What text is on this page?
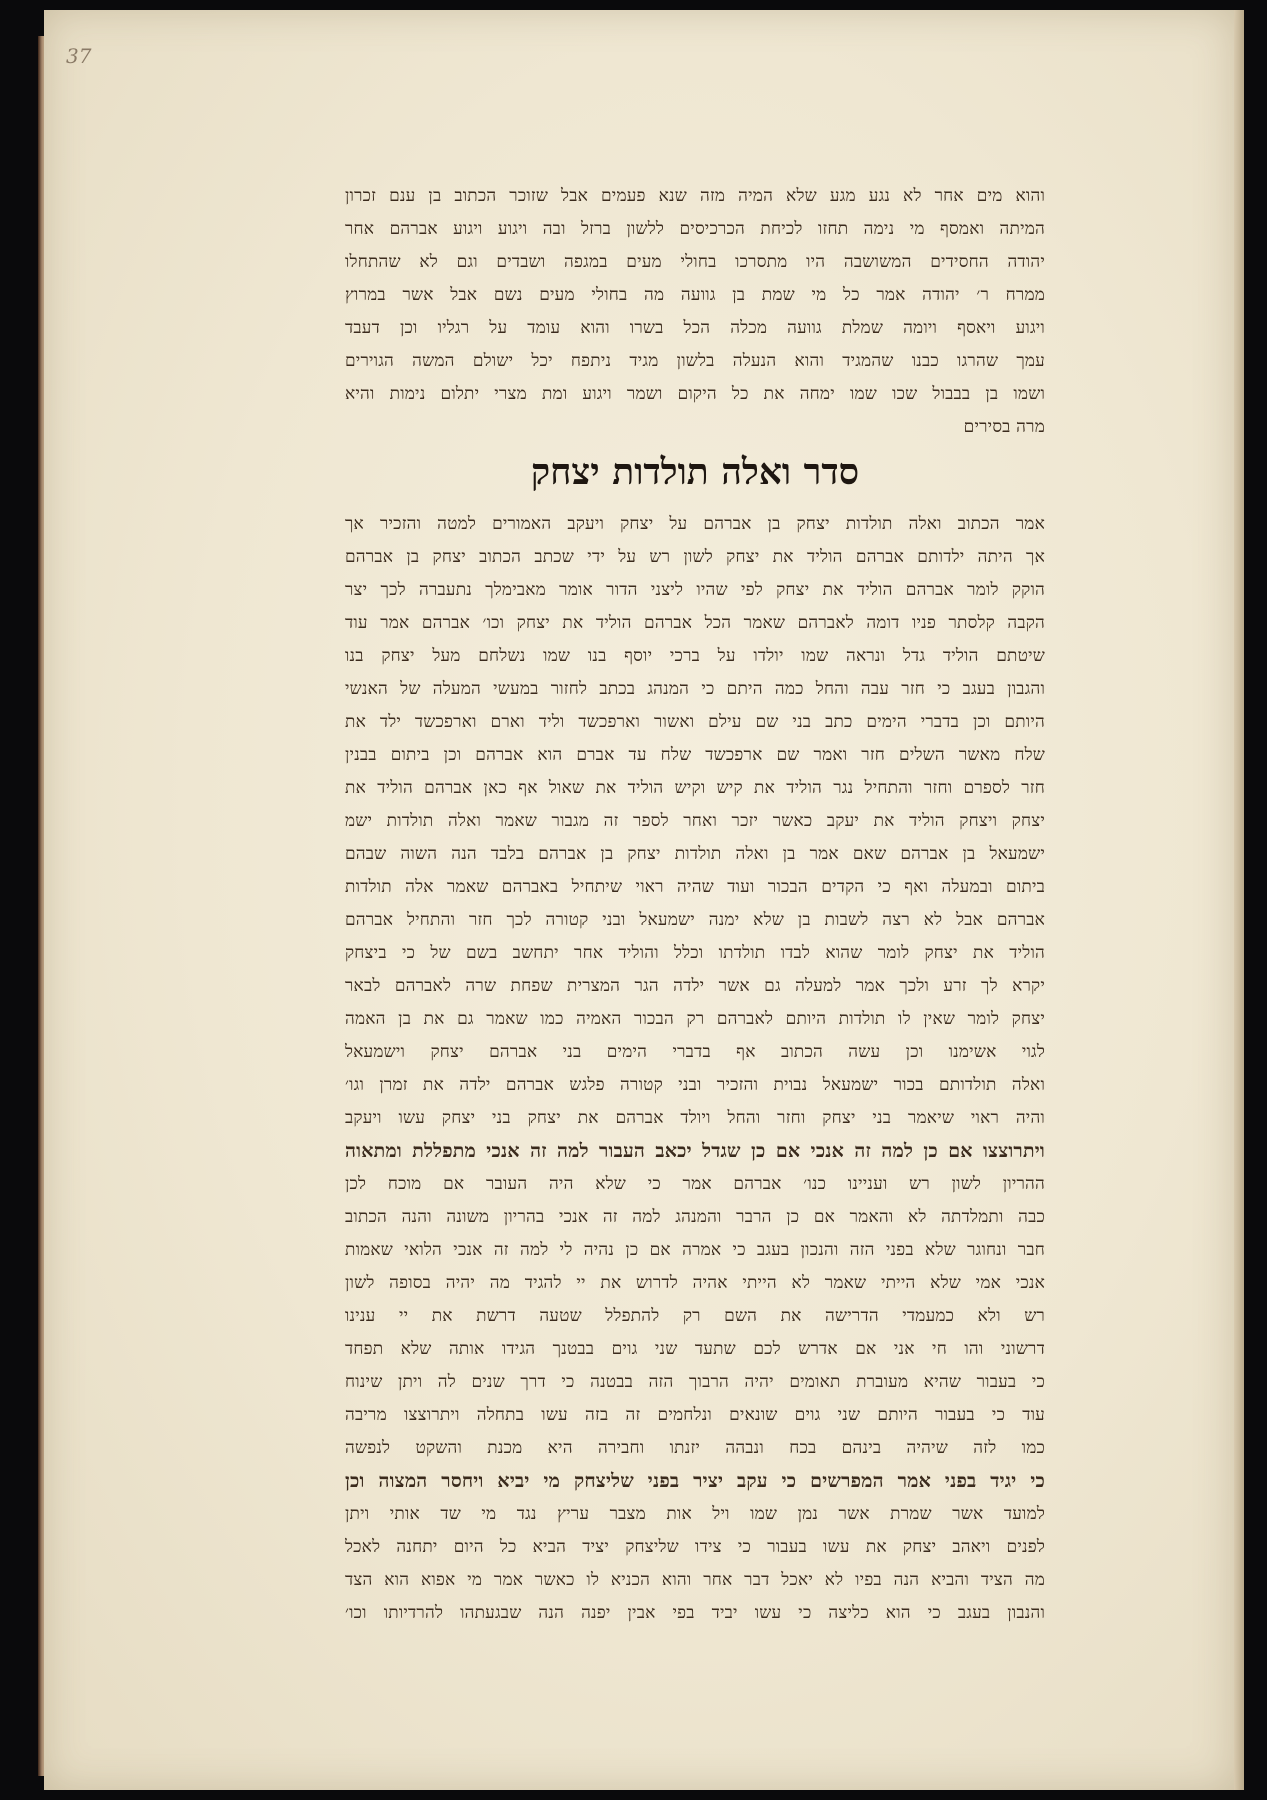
37
והוא מים אחר לא נגע מגע שלא המיה מזה שנא פעמים אבל שזוכר הכתוב בן ענם זכרון
המיתה ואמסף מי נימה תחזו לכיחת הכרכיסים ללשון ברזל ובה ויגוע ויגוע אברהם אחר
יהודה החסידים המשושבה היו מתסרכו בחולי מעים במגפה ושבדים וגם לא שהתחלו
ממרח ר׳ יהודה אמר כל מי שמת בן גוועה מה בחולי מעים נשם אבל אשר במרוץ
ויגוע ויאסף ויומה שמלת גוועה מכלה הכל בשרו והוא עומד על רגליו וכן דעבד
עמך שהרגו כבנו שהמגיד והוא הנעלה בלשון מגיד ניתפח יכל ישולם המשה הגוירים
ושמו בן בבבול שכו שמו ימחה את כל היקום ושמר ויגוע ומת מצרי יתלום נימות והיא
מרה בסירים
סדר ואלה תולדות יצחק
אמר הכתוב ואלה תולדות יצחק בן אברהם על יצחק ויעקב האמורים למטה והזכיר אך
אך היתה ילדותם אברהם הוליד את יצחק לשון רש על ידי שכתב הכתוב יצחק בן אברהם
הוקק לומר אברהם הוליד את יצחק לפי שהיו ליצני הדור אומר מאבימלך נתעברה לכך יצר
הקבה קלסתר פניו דומה לאברהם שאמר הכל אברהם הוליד את יצחק וכו׳ אברהם אמר עוד
שיטתם הוליד גדל ונראה שמו יולדו על ברכי יוסף בנו שמו נשלחם מעל יצחק בנו
והגבון בעגב כי חזר עבה והחל כמה היתם כי המנהג בכתב לחזור במעשי המעלה של האנשי
היותם וכן בדברי הימים כתב בני שם עילם ואשור וארפכשד וליד וארם וארפכשד ילד את
שלח מאשר השלים חזר ואמר שם ארפכשד שלח עד אברם הוא אברהם וכן ביתום בבנין
חזר לספרם וחזר והתחיל נגר הוליד את קיש וקיש הוליד את שאול אף כאן אברהם הוליד את
יצחק ויצחק הוליד את יעקב כאשר יזכר ואחר לספר זה מגבור שאמר ואלה תולדות ישמ
ישמעאל בן אברהם שאם אמר בן ואלה תולדות יצחק בן אברהם בלבד הנה השוה שבהם
ביתום ובמעלה ואף כי הקדים הבכור ועוד שהיה ראוי שיתחיל באברהם שאמר אלה תולדות
אברהם אבל לא רצה לשבות בן שלא ימנה ישמעאל ובני קטורה לכך חזר והתחיל אברהם
הוליד את יצחק לומר שהוא לבדו תולדתו וכלל והוליד אחר יתחשב בשם של כי ביצחק
יקרא לך זרע ולכך אמר למעלה גם אשר ילדה הגר המצרית שפחת שרה לאברהם לבאר
יצחק לומר שאין לו תולדות היותם לאברהם רק הבכור האמיה כמו שאמר גם את בן האמה
לגוי אשימנו וכן עשה הכתוב אף בדברי הימים בני אברהם יצחק וישמעאל
ואלה תולדותם בכור ישמעאל נבוית והזכיר ובני קטורה פלגש אברהם ילדה את זמרן וגו׳
והיה ראוי שיאמר בני יצחק וחזר והחל ויולד אברהם את יצחק בני יצחק עשו ויעקב
ויתרוצצו אם כן למה זה אנכי אם כן שגדל יכאב העבור למה זה אנכי מתפללת ומתאוה
ההריון לשון רש ועניינו כנו׳ אברהם אמר כי שלא היה העובר אם מוכח לכן
כבה ותמלדתה לא והאמר אם כן הרבר והמנהג למה זה אנכי בהריון משונה והנה הכתוב
חבר ונחוגר שלא בפני הזה והנכון בעגב כי אמרה אם כן נהיה לי למה זה אנכי הלואי שאמות
אנכי אמי שלא הייתי שאמר לא הייתי אהיה לדרוש את יי להגיד מה יהיה בסופה לשון
רש ולא כמעמדי הדרישה את השם רק להתפלל שטעה דרשת את יי ענינו
דרשוני והו חי אני אם אדרש לכם שתעד שני גוים בבטנך הגידו אותה שלא תפחד
כי בעבור שהיא מעוברת תאומים יהיה הרבוך הזה בבטנה כי דרך שנים לה ויתן שינוח
עוד כי בעבור היותם שני גוים שונאים ונלחמים זה בזה עשו בתחלה ויתרוצצו מריבה
כמו לזה שיהיה בינהם בכח ונבהה יזנתו וחבירה היא מכנת והשקט לנפשה
כי יגיד בפני אמר המפרשים כי עקב יציר בפני שליצחק מי יביא ויחסר המצוה וכן
למועד אשר שמרת אשר נמן שמו ויל אות מצבר עריץ נגד מי שד אותי ויתן
לפנים ויאהב יצחק את עשו בעבור כי צידו שליצחק יציד הביא כל היום יתחנה לאכל
מה הציד והביא הנה בפיו לא יאכל דבר אחר והוא הכניא לו כאשר אמר מי אפוא הוא הצד
והנבון בעגב כי הוא כליצה כי עשו יביד בפי אבין יפנה הנה שבגעתהו להרדיותו וכו׳
